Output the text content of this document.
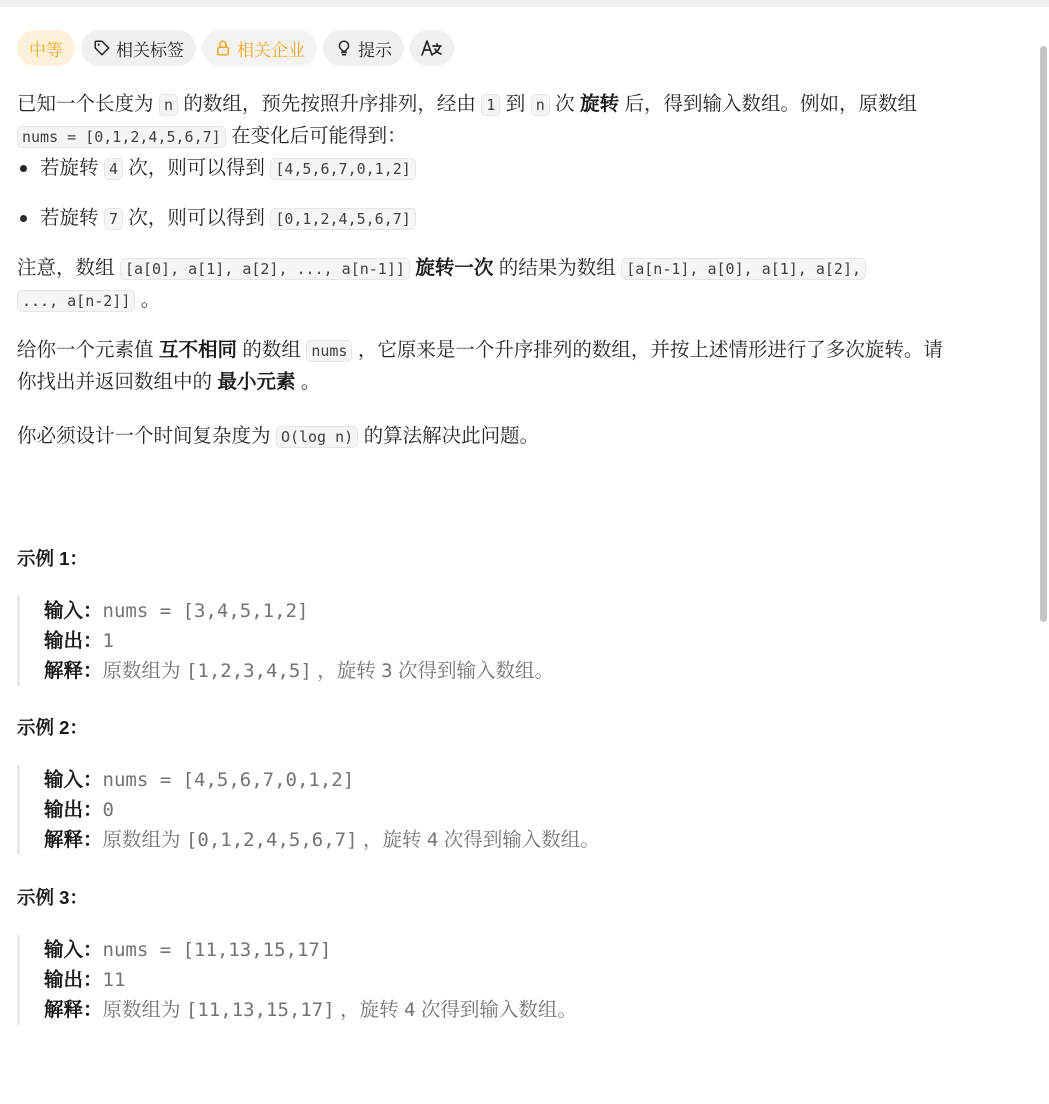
中等	相关标签	相关企业	提示

已知一个长度为 n 的数组，预先按照升序排列，经由 1 到 n 次 旋转 后，得到输入数组。例如，原数组
nums = [0,1,2,4,5,6,7] 在变化后可能得到：

若旋转 4 次，则可以得到 [4,5,6,7,0,1,2]
若旋转 7 次，则可以得到 [0,1,2,4,5,6,7]

注意，数组 [a[0], a[1], a[2], ..., a[n-1]] 旋转一次 的结果为数组 [a[n-1], a[0], a[1], a[2],
..., a[n-2]] 。

给你一个元素值 互不相同 的数组 nums ，它原来是一个升序排列的数组，并按上述情形进行了多次旋转。请
你找出并返回数组中的 最小元素 。

你必须设计一个时间复杂度为 O(log n) 的算法解决此问题。

示例 1：
输入：nums = [3,4,5,1,2]
输出：1
解释：原数组为 [1,2,3,4,5] ，旋转 3 次得到输入数组。
示例 2：
输入：nums = [4,5,6,7,0,1,2]
输出：0
解释：原数组为 [0,1,2,4,5,6,7] ，旋转 4 次得到输入数组。
示例 3：
输入：nums = [11,13,15,17]
输出：11
解释：原数组为 [11,13,15,17] ，旋转 4 次得到输入数组。
